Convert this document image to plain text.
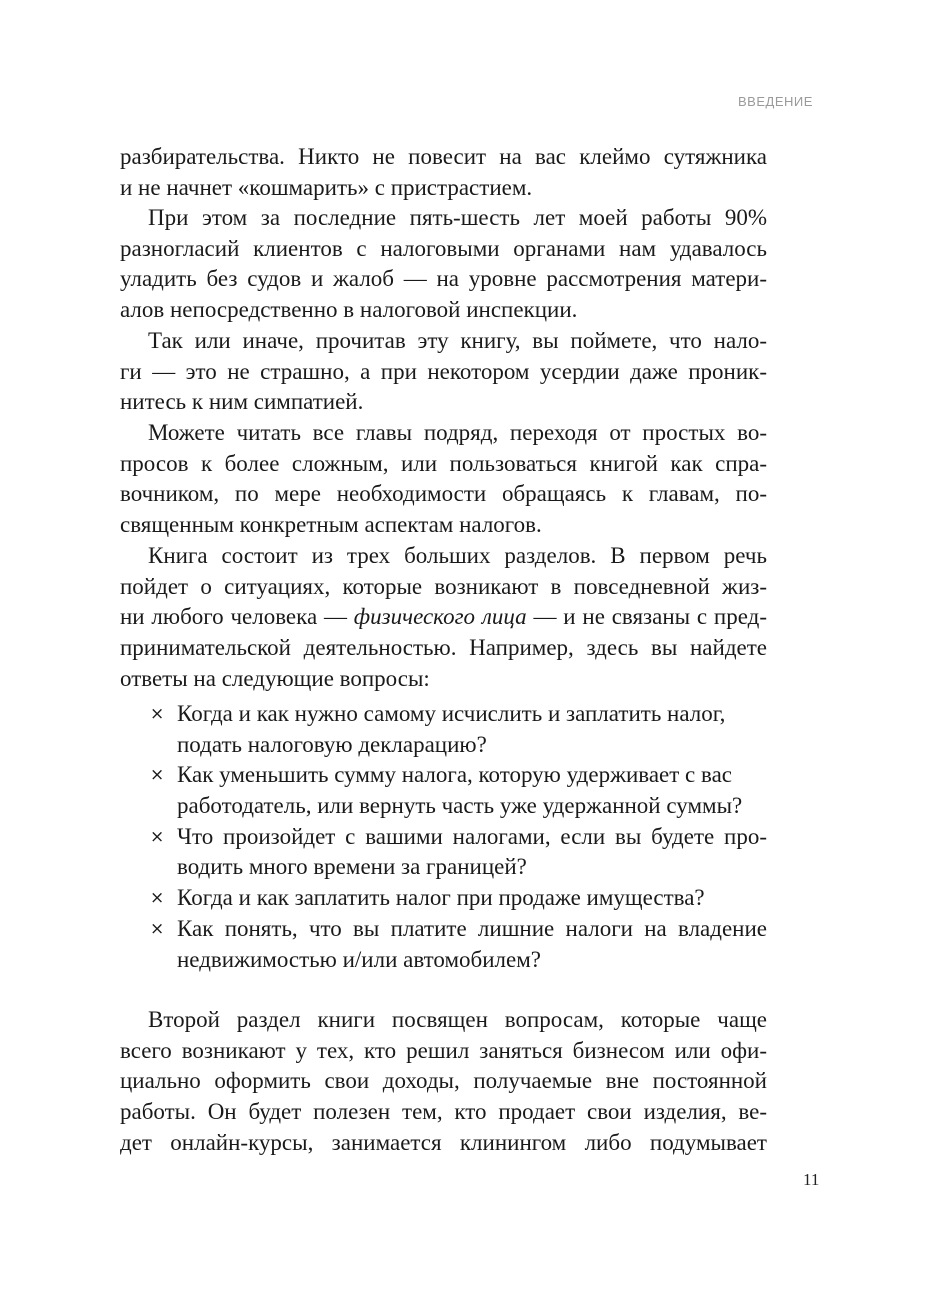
ВВЕДЕНИЕ
разбирательства. Никто не повесит на вас клеймо сутяжника
и не начнет «кошмарить» с пристрастием.
При этом за последние пять-шесть лет моей работы 90%
разногласий клиентов с налоговыми органами нам удавалось
уладить без судов и жалоб — на уровне рассмотрения матери-
алов непосредственно в налоговой инспекции.
Так или иначе, прочитав эту книгу, вы поймете, что нало-
ги — это не страшно, а при некотором усердии даже проник-
нитесь к ним симпатией.
Можете читать все главы подряд, переходя от простых во-
просов к более сложным, или пользоваться книгой как спра-
вочником, по мере необходимости обращаясь к главам, по-
священным конкретным аспектам налогов.
Книга состоит из трех больших разделов. В первом речь
пойдет о ситуациях, которые возникают в повседневной жиз-
ни любого человека — физического лица — и не связаны с пред-
принимательской деятельностью. Например, здесь вы найдете
ответы на следующие вопросы:
× Когда и как нужно самому исчислить и заплатить налог,
подать налоговую декларацию?
× Как уменьшить сумму налога, которую удерживает с вас
работодатель, или вернуть часть уже удержанной суммы?
× Что произойдет с вашими налогами, если вы будете про-
водить много времени за границей?
× Когда и как заплатить налог при продаже имущества?
× Как понять, что вы платите лишние налоги на владение
недвижимостью и/или автомобилем?
Второй раздел книги посвящен вопросам, которые чаще
всего возникают у тех, кто решил заняться бизнесом или офи-
циально оформить свои доходы, получаемые вне постоянной
работы. Он будет полезен тем, кто продает свои изделия, ве-
дет онлайн-курсы, занимается клинингом либо подумывает
11
